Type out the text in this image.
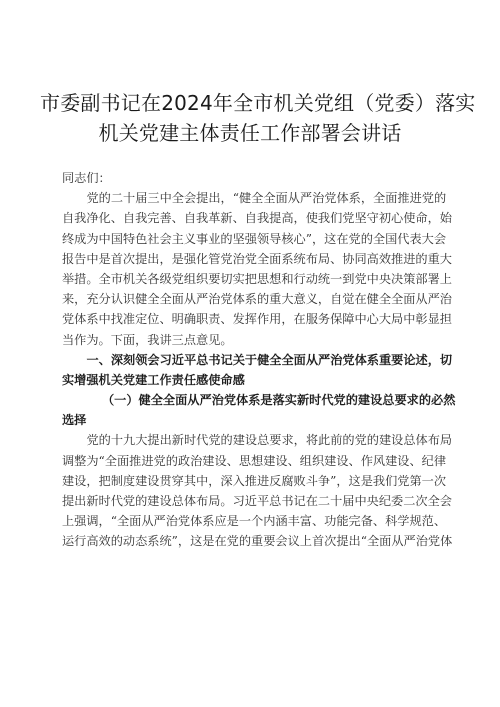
市委副书记在2024年全市机关党组（党委）落实
机关党建主体责任工作部署会讲话
同志们：
党的二十届三中全会提出，“健全全面从严治党体系，全面推进党的
自我净化、自我完善、自我革新、自我提高，使我们党坚守初心使命，始
终成为中国特色社会主义事业的坚强领导核心”，这在党的全国代表大会
报告中是首次提出，是强化管党治党全面系统布局、协同高效推进的重大
举措。全市机关各级党组织要切实把思想和行动统一到党中央决策部署上
来，充分认识健全全面从严治党体系的重大意义，自觉在健全全面从严治
党体系中找准定位、明确职责、发挥作用，在服务保障中心大局中彰显担
当作为。下面，我讲三点意见。
一、深刻领会习近平总书记关于健全全面从严治党体系重要论述，切
实增强机关党建工作责任感使命感
（一）健全全面从严治党体系是落实新时代党的建设总要求的必然
选择
党的十九大提出新时代党的建设总要求，将此前的党的建设总体布局
调整为“全面推进党的政治建设、思想建设、组织建设、作风建设、纪律
建设，把制度建设贯穿其中，深入推进反腐败斗争”，这是我们党第一次
提出新时代党的建设总体布局。习近平总书记在二十届中央纪委二次全会
上强调，“全面从严治党体系应是一个内涵丰富、功能完备、科学规范、
运行高效的动态系统”，这是在党的重要会议上首次提出“全面从严治党体
